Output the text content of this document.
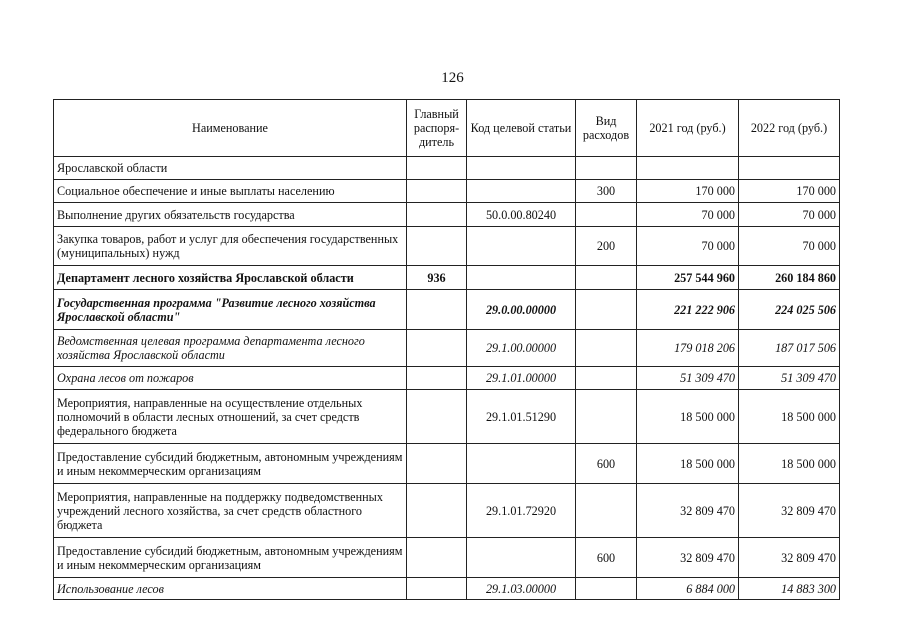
126
Наименование	Главный распоря-дитель	Код целевой статьи	Вид расходов	2021 год (руб.)	2022 год (руб.)
Ярославской области					
Социальное обеспечение и иные выплаты населению			300	170 000	170 000
Выполнение других обязательств государства		50.0.00.80240		70 000	70 000
Закупка товаров, работ и услуг для обеспечения государственных (муниципальных) нужд			200	70 000	70 000
Департамент лесного хозяйства Ярославской области	936			257 544 960	260 184 860
Государственная программа "Развитие лесного хозяйства Ярославской области"		29.0.00.00000		221 222 906	224 025 506
Ведомственная целевая программа департамента лесного хозяйства Ярославской области		29.1.00.00000		179 018 206	187 017 506
Охрана лесов от пожаров		29.1.01.00000		51 309 470	51 309 470
Мероприятия, направленные на осуществление отдельных полномочий в области лесных отношений, за счет средств федерального бюджета		29.1.01.51290		18 500 000	18 500 000
Предоставление субсидий бюджетным, автономным учреждениям и иным некоммерческим организациям			600	18 500 000	18 500 000
Мероприятия, направленные на поддержку подведомственных учреждений лесного хозяйства, за счет средств областного бюджета		29.1.01.72920		32 809 470	32 809 470
Предоставление субсидий бюджетным, автономным учреждениям и иным некоммерческим организациям			600	32 809 470	32 809 470
Использование лесов		29.1.03.00000		6 884 000	14 883 300
